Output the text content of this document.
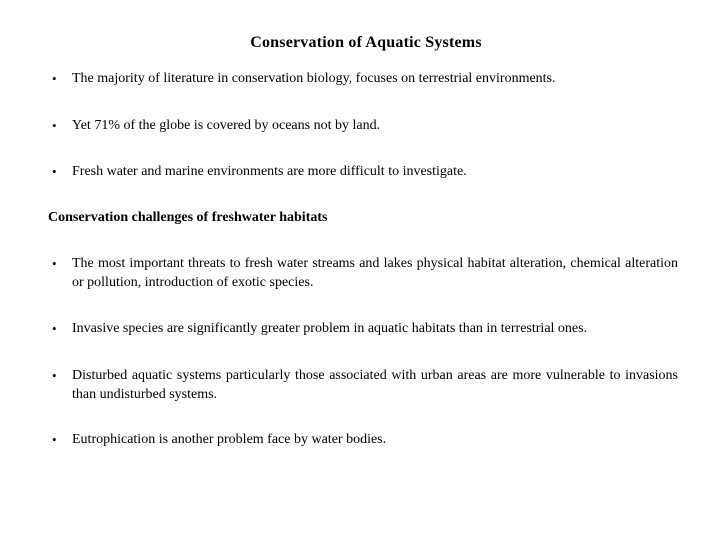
Conservation of Aquatic Systems
•	The majority of literature in conservation biology, focuses on terrestrial environments.
•	Yet 71% of the globe is covered by oceans not by land.
•	Fresh water and marine environments are more difficult to investigate.
Conservation challenges of freshwater habitats
•	The most important threats to fresh water streams and lakes physical habitat alteration, chemical alteration or pollution, introduction of exotic species.
•	Invasive species are significantly greater problem in aquatic habitats than in terrestrial ones.
•	Disturbed aquatic systems particularly those associated with urban areas are more vulnerable to invasions than undisturbed systems.
•	Eutrophication is another problem face by water bodies.
